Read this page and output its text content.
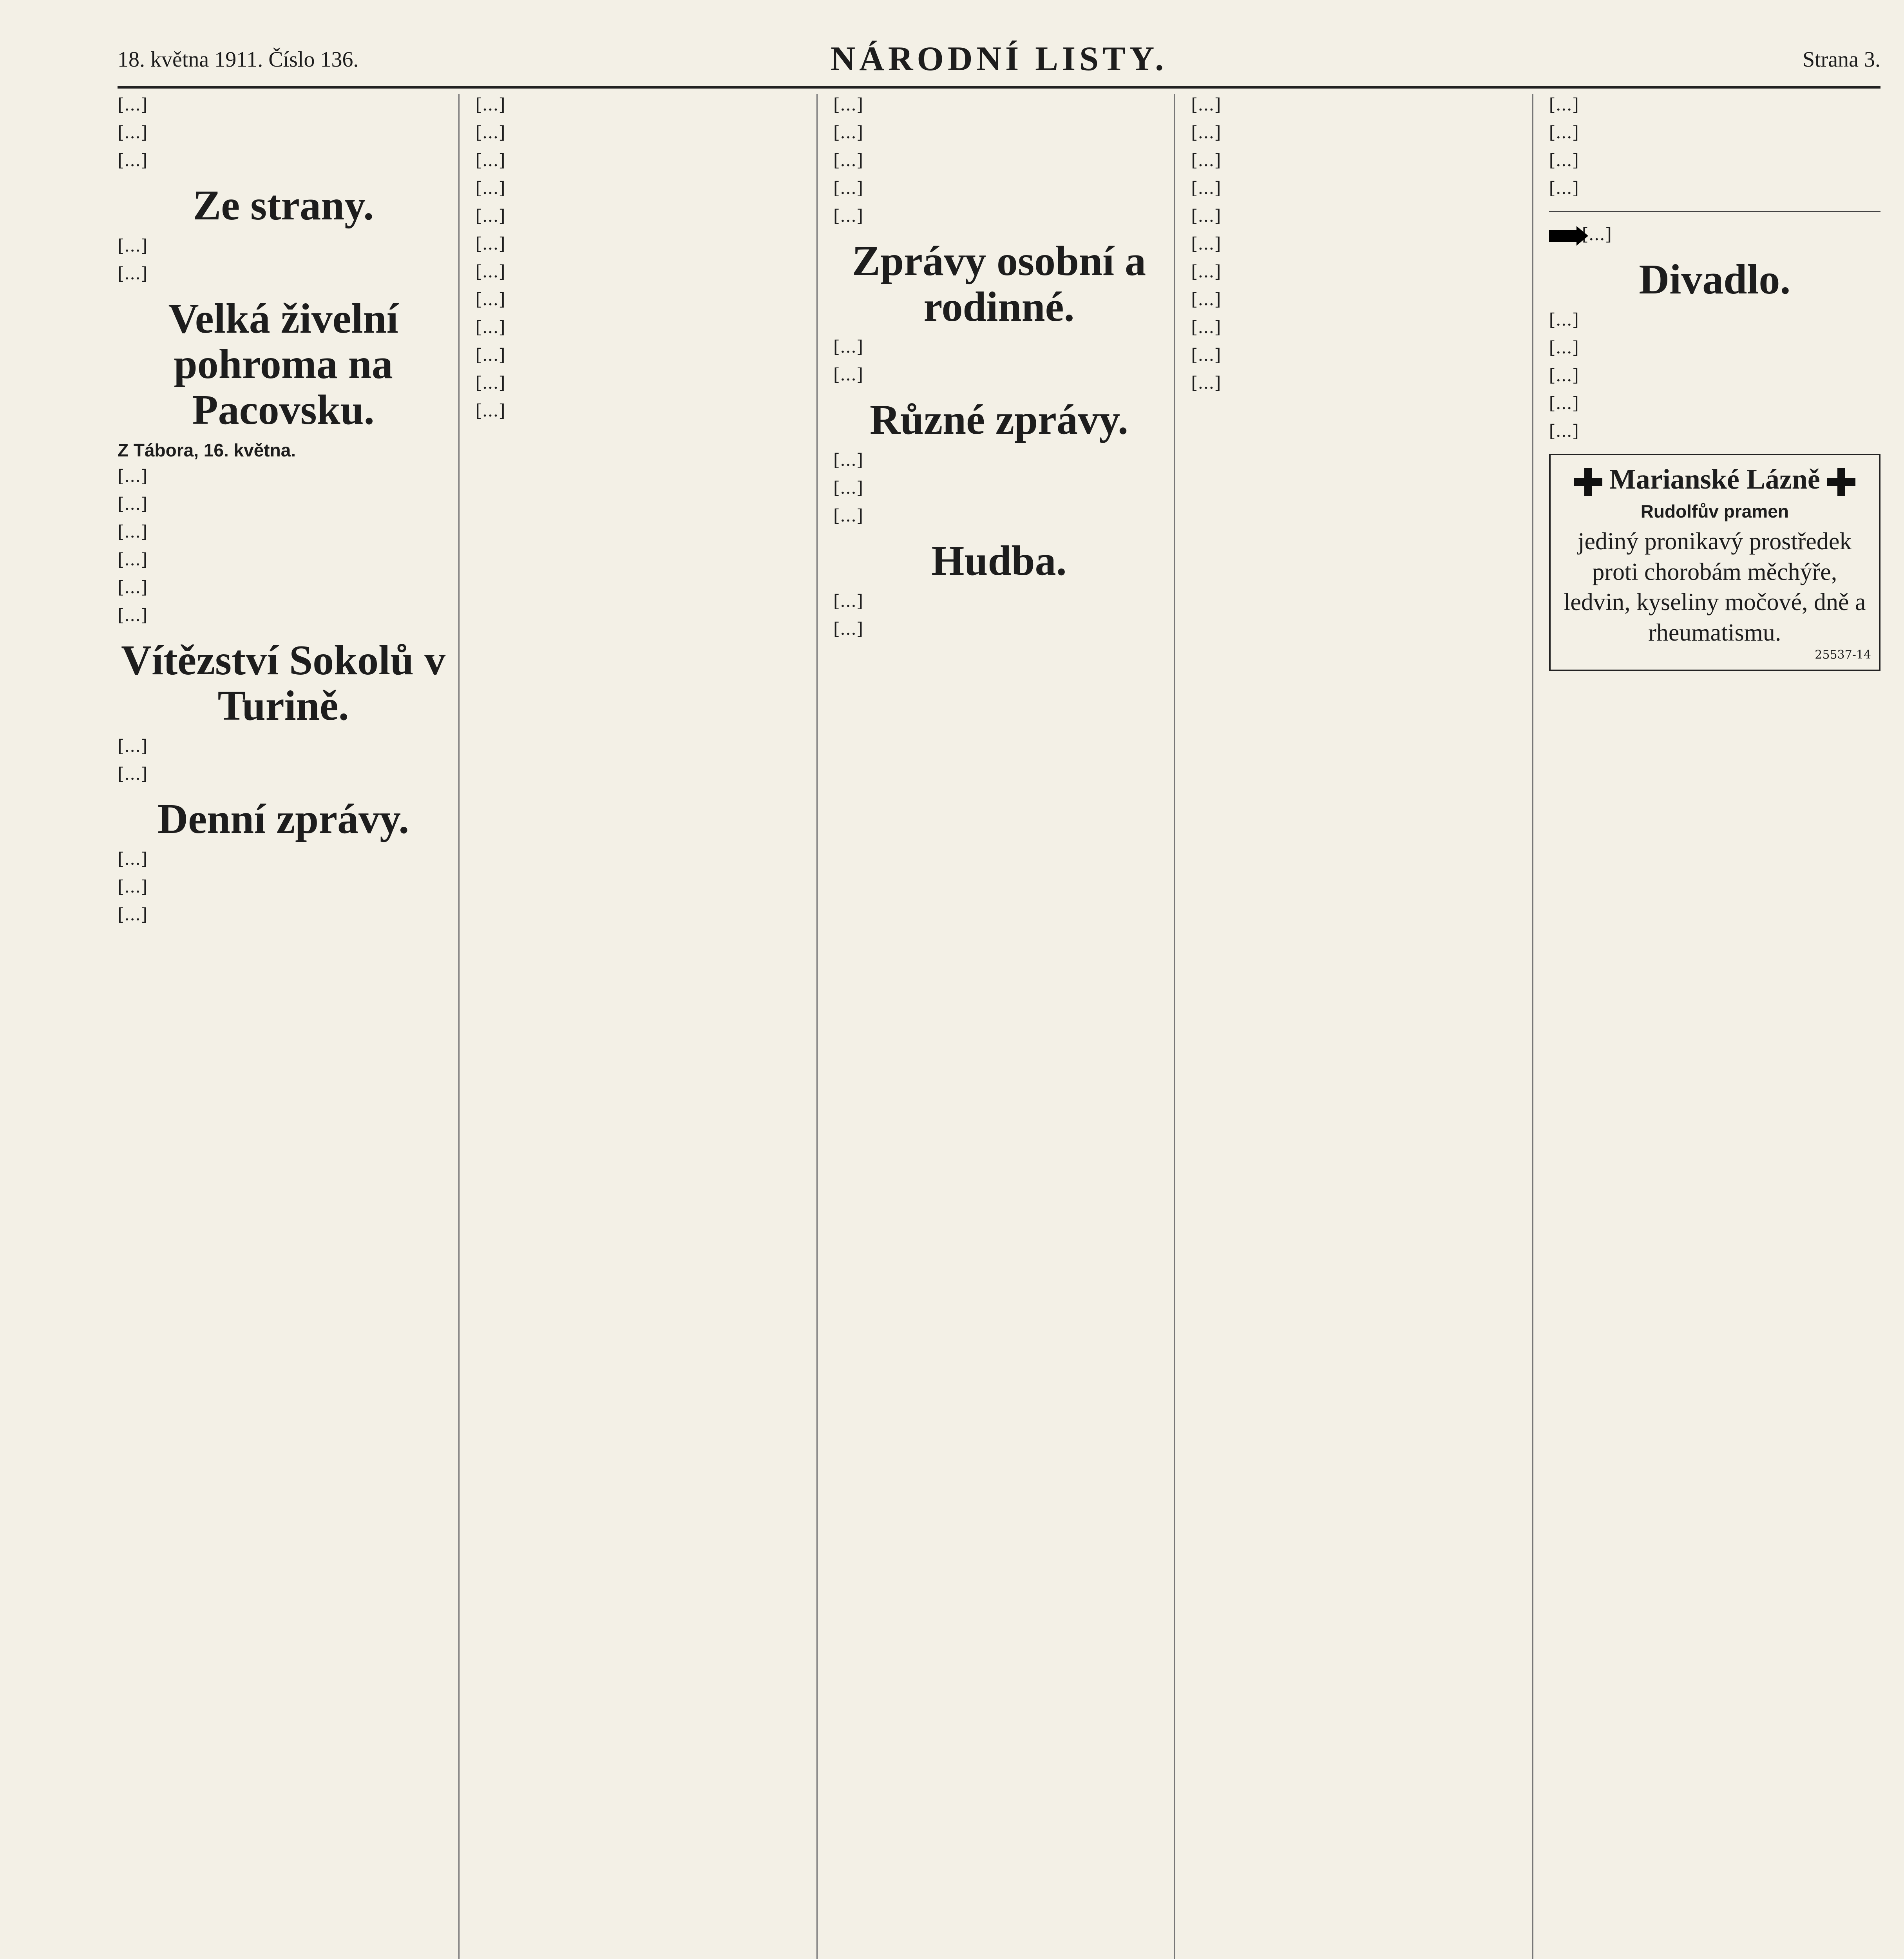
18. května 1911. Číslo 136.	NÁRODNÍ LISTY.	Strana 3.

[...]

[...]

[...]

Ze strany.

[...]

[...]

Velká živelní pohroma na Pacovsku.
Z Tábora, 16. května.

[...]

[...]

[...]

[...]

[...]

[...]

Vítězství Sokolů v Turině.

[...]

[...]

Denní zprávy.

[...]

[...]

[...]

[...]

[...]

[...]

[...]

[...]

[...]

[...]

[...]

[...]

[...]

[...]

[...]

[...]

[...]

[...]

[...]

[...]

Zprávy osobní a rodinné.

[...]

[...]

Různé zprávy.

[...]

[...]

[...]

Hudba.

[...]

[...]

[...]

[...]

[...]

[...]

[...]

[...]

[...]

[...]

[...]

[...]

[...]

[...]

[...]

[...]

[...]

[...]

Divadlo.

[...]

[...]

[...]

[...]

[...]

Marianské Lázně
Rudolfův pramen
jediný pronikavý prostředek proti chorobám měchýře, ledvin, kyseliny močové, dně a rheumatismu.
25537-14
